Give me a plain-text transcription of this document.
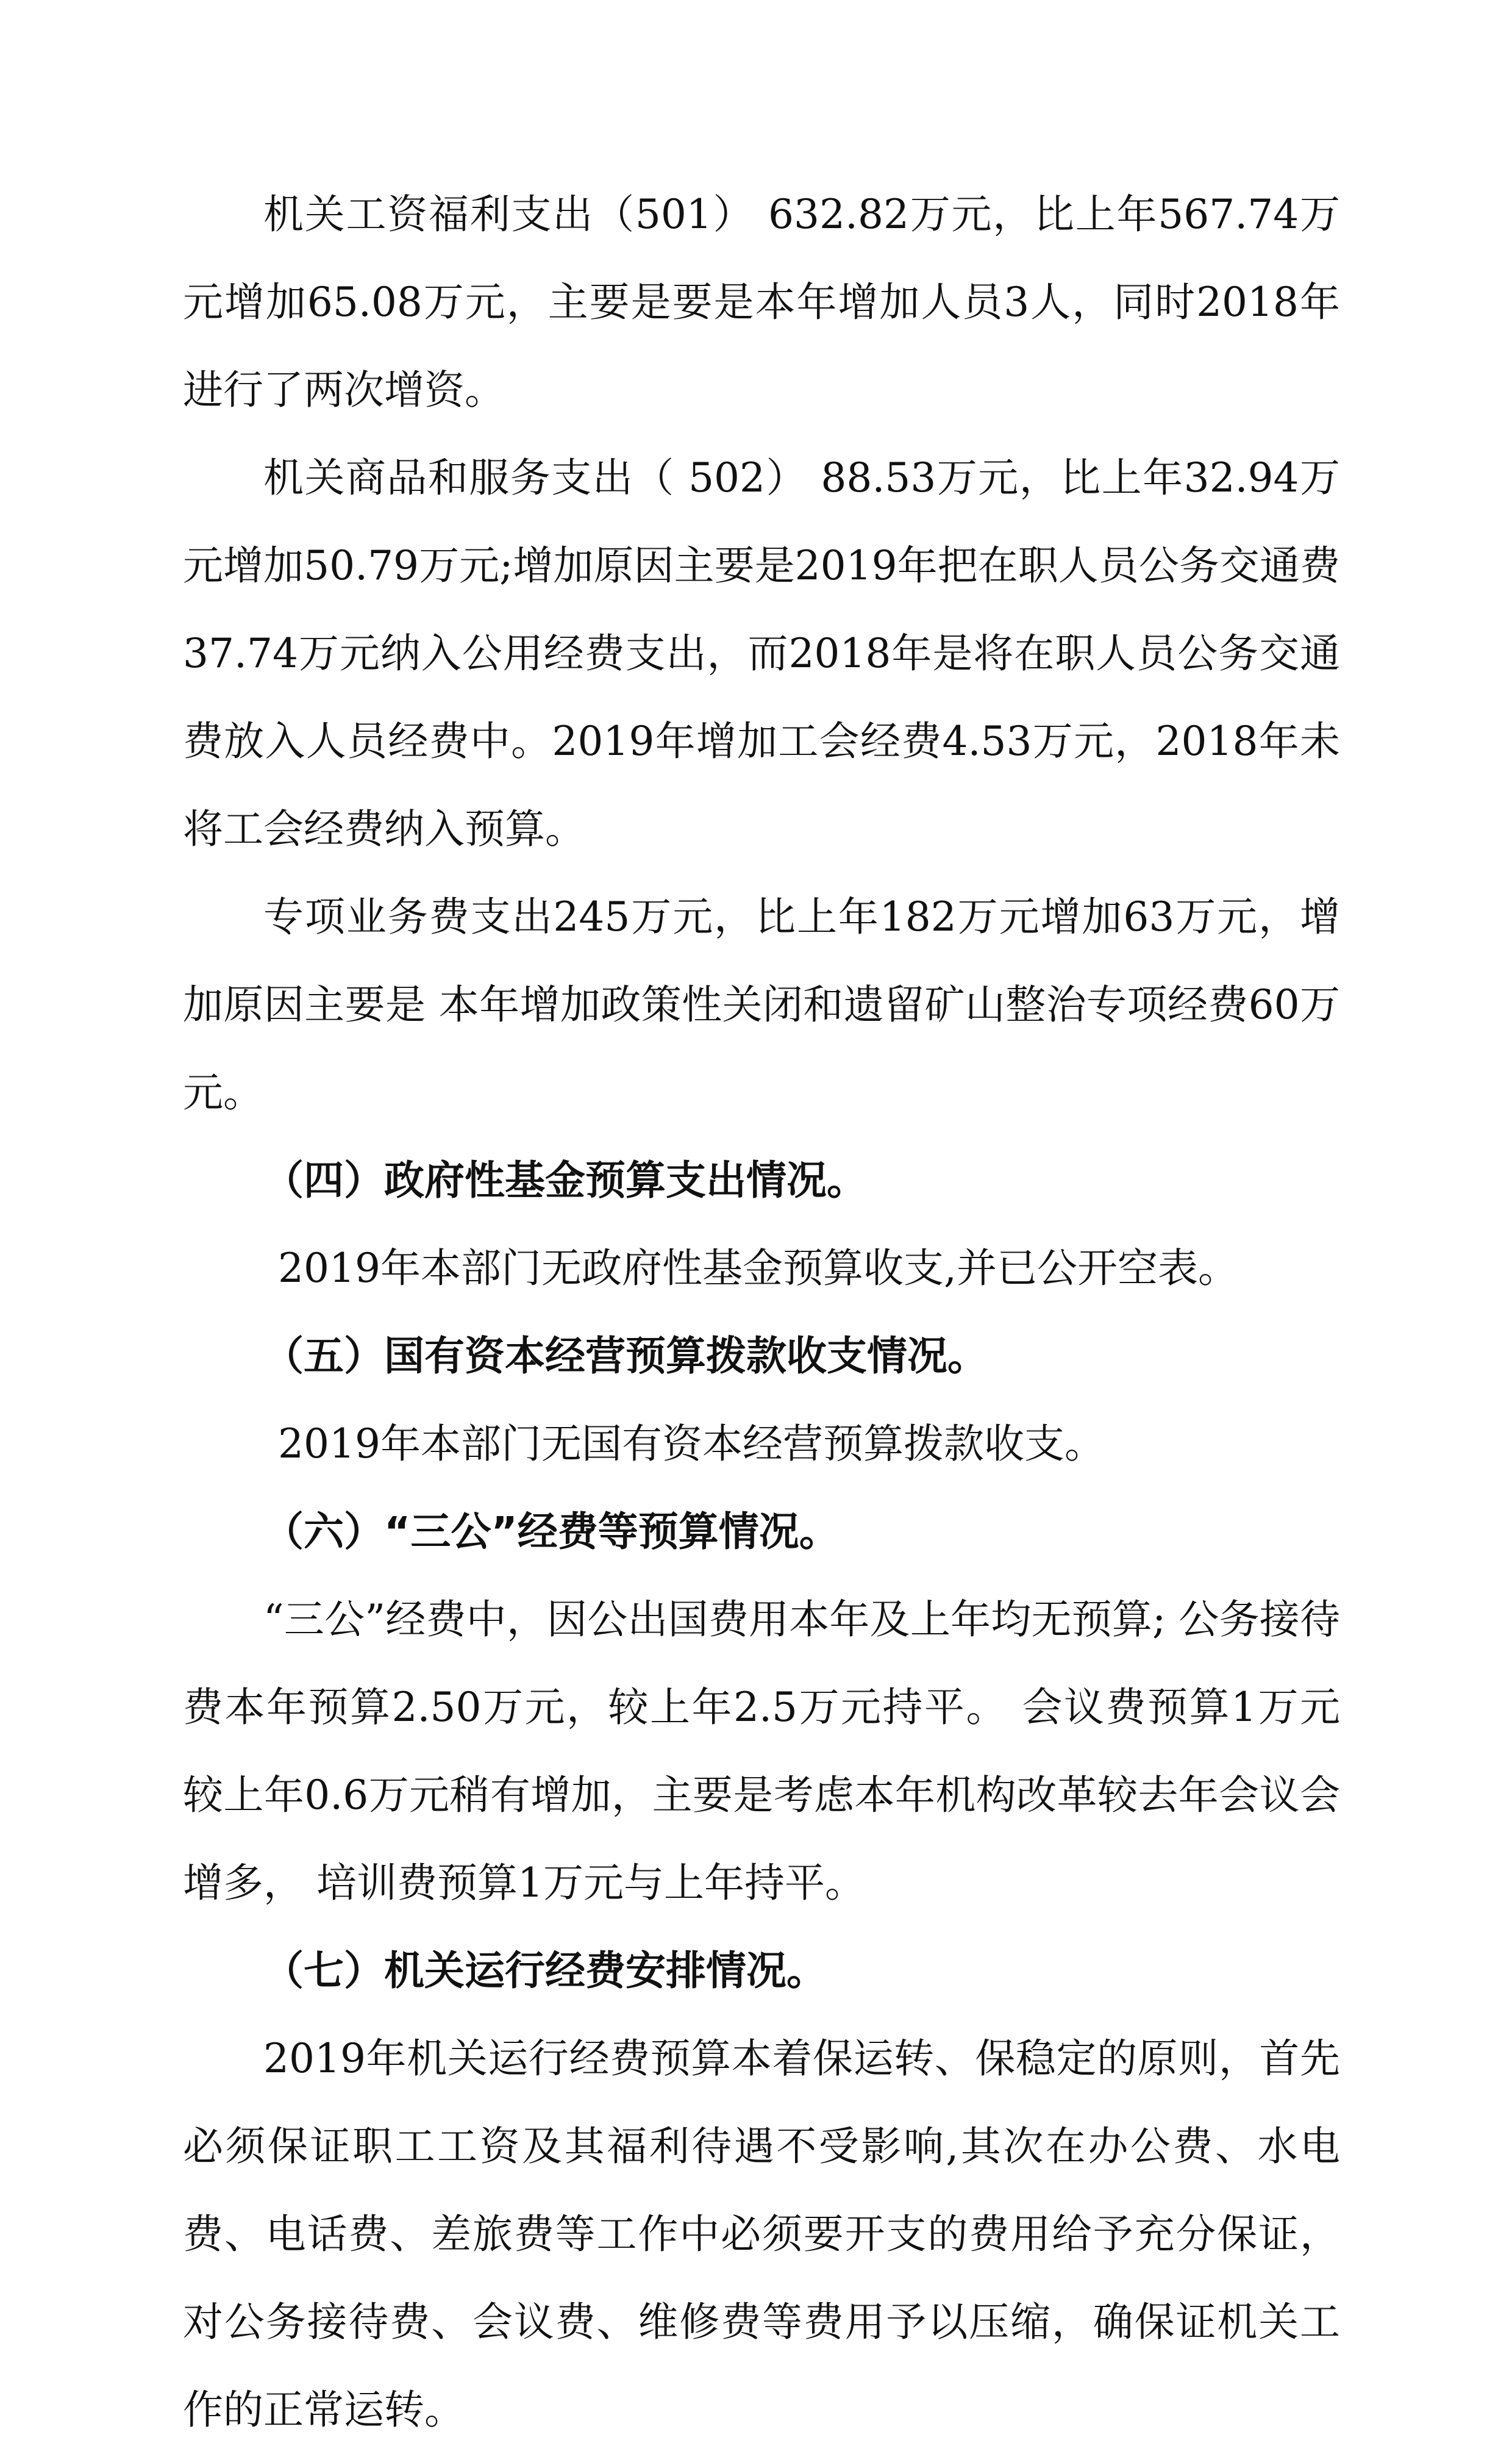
机关工资福利支出（501） 632.82万元，比上年567.74万元增加65.08万元，主要是要是本年增加人员3人，同时2018年进行了两次增资。

机关商品和服务支出（ 502） 88.53万元，比上年32.94万元增加50.79万元;增加原因主要是2019年把在职人员公务交通费37.74万元纳入公用经费支出，而2018年是将在职人员公务交通费放入人员经费中。2019年增加工会经费4.53万元，2018年未将工会经费纳入预算。

专项业务费支出245万元，比上年182万元增加63万元，增加原因主要是 本年增加政策性关闭和遗留矿山整治专项经费60万元。

（四）政府性基金预算支出情况。

2019年本部门无政府性基金预算收支,并已公开空表。

（五）国有资本经营预算拨款收支情况。

2019年本部门无国有资本经营预算拨款收支。

（六）“三公”经费等预算情况。

“三公”经费中，因公出国费用本年及上年均无预算; 公务接待费本年预算2.50万元，较上年2.5万元持平。 会议费预算1万元较上年0.6万元稍有增加，主要是考虑本年机构改革较去年会议会增多， 培训费预算1万元与上年持平。

（七）机关运行经费安排情况。

2019年机关运行经费预算本着保运转、保稳定的原则，首先必须保证职工工资及其福利待遇不受影响,其次在办公费、水电费、电话费、差旅费等工作中必须要开支的费用给予充分保证，对公务接待费、会议费、维修费等费用予以压缩，确保证机关工作的正常运转。
